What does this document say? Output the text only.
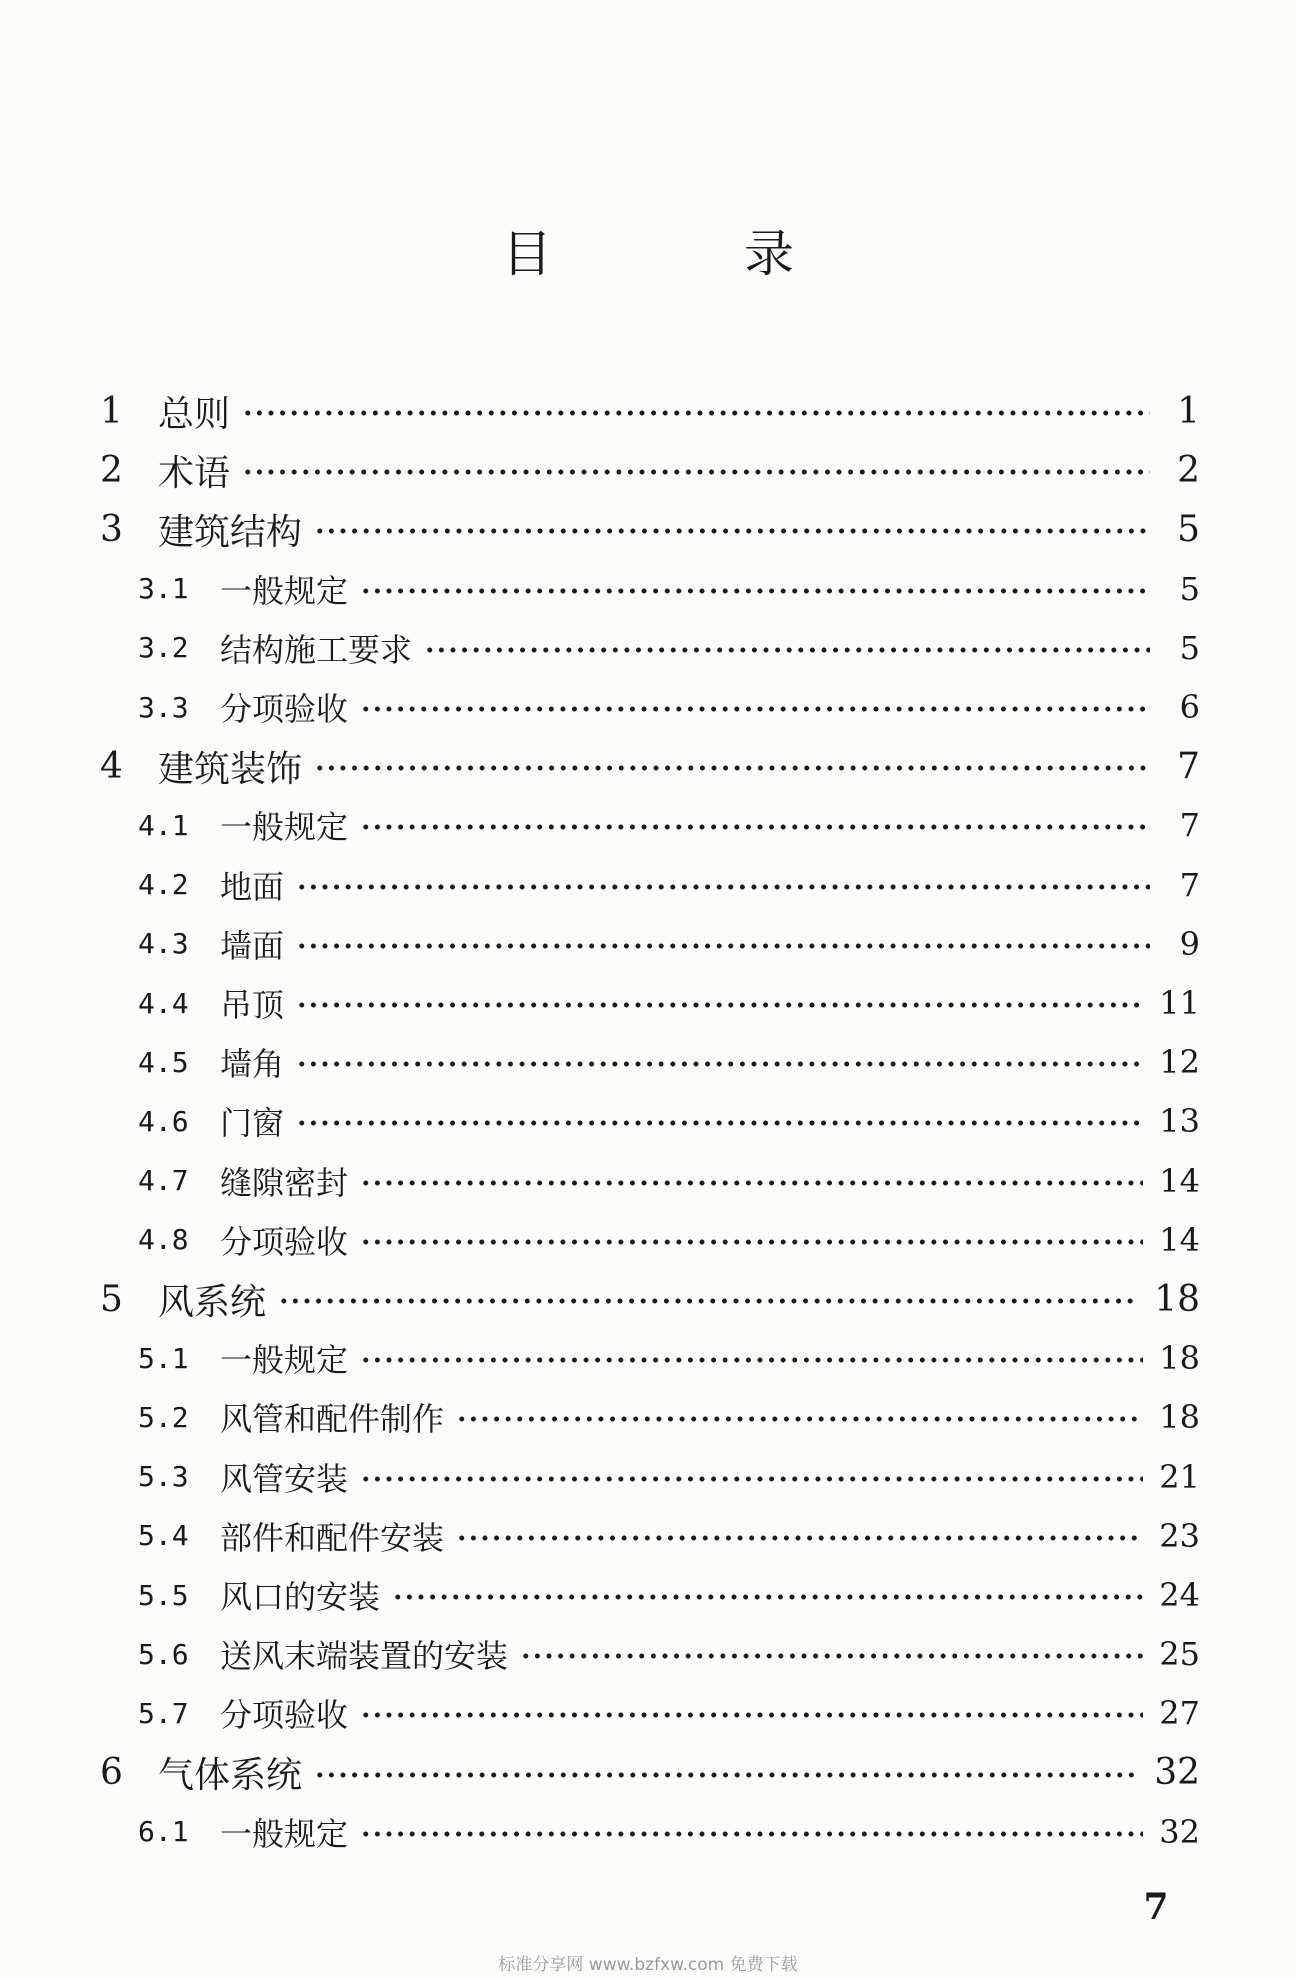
目 录
1 总则	1
2 术语	2
3 建筑结构	5
3.1 一般规定	5
3.2 结构施工要求	5
3.3 分项验收	6
4 建筑装饰	7
4.1 一般规定	7
4.2 地面	7
4.3 墙面	9
4.4 吊顶	11
4.5 墙角	12
4.6 门窗	13
4.7 缝隙密封	14
4.8 分项验收	14
5 风系统	18
5.1 一般规定	18
5.2 风管和配件制作	18
5.3 风管安装	21
5.4 部件和配件安装	23
5.5 风口的安装	24
5.6 送风末端装置的安装	25
5.7 分项验收	27
6 气体系统	32
6.1 一般规定	32
7
标准分享网 www.bzfxw.com 免费下载
